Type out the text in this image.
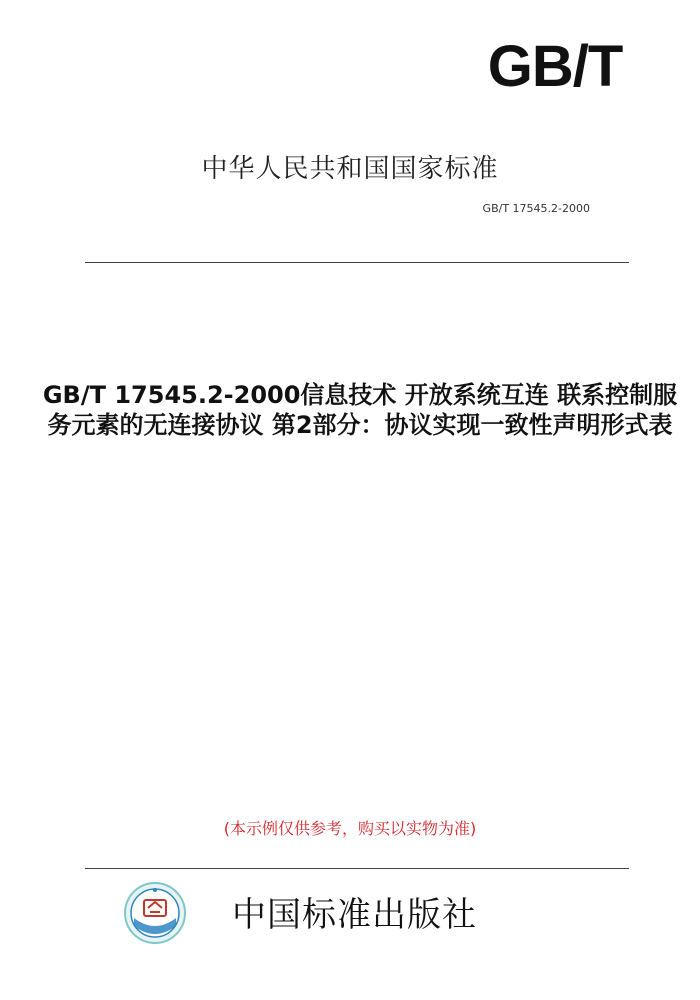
GB/T
中华人民共和国国家标准
GB/T 17545.2-2000
GB/T 17545.2-2000信息技术 开放系统互连 联系控制服务元素的无连接协议 第2部分：协议实现一致性声明形式表
(本示例仅供参考，购买以实物为准)
中国标准出版社
